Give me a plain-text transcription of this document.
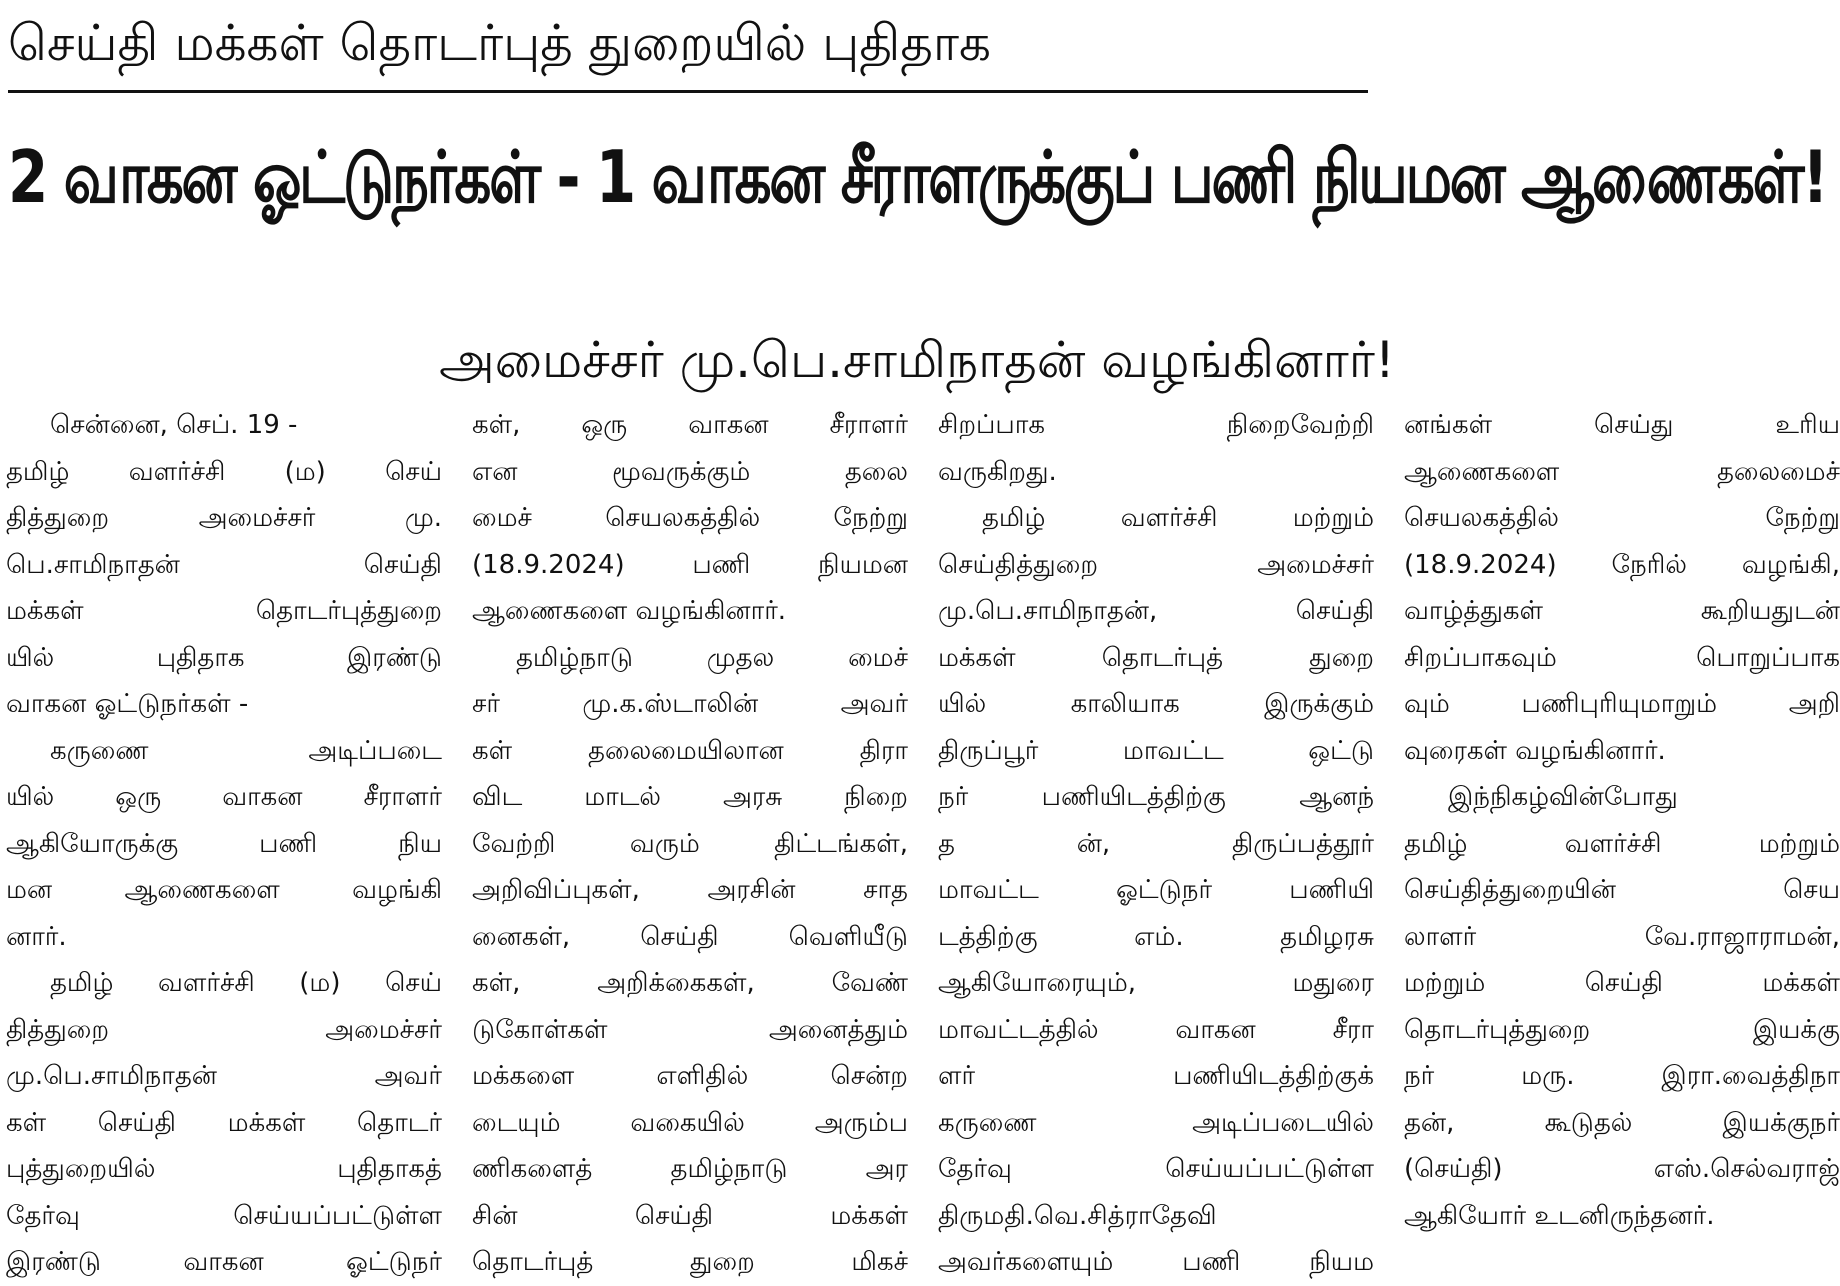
செய்தி மக்கள் தொடர்புத் துறையில் புதிதாக
2 வாகன ஓட்டுநர்கள் - 1 வாகன சீராளருக்குப் பணி நியமன ஆணைகள்!
அமைச்சர் மு.பெ.சாமிநாதன் வழங்கினார்!
சென்னை, செப். 19 -
தமிழ் வளர்ச்சி (ம) செய்
தித்துறை அமைச்சர் மு.
பெ.சாமிநாதன் செய்தி
மக்கள் தொடர்புத்துறை
யில் புதிதாக இரண்டு
வாகன ஓட்டுநர்கள் -
கருணை அடிப்படை
யில் ஒரு வாகன சீராளர்
ஆகியோருக்கு பணி நிய
மன ஆணைகளை வழங்கி
னார்.
தமிழ் வளர்ச்சி (ம) செய்
தித்துறை அமைச்சர்
மு.பெ.சாமிநாதன் அவர்
கள் செய்தி மக்கள் தொடர்
புத்துறையில் புதிதாகத்
தேர்வு செய்யப்பட்டுள்ள
இரண்டு வாகன ஓட்டுநர்
கள், ஒரு வாகன சீராளர்
என மூவருக்கும் தலை
மைச் செயலகத்தில் நேற்று
(18.9.2024) பணி நியமன
ஆணைகளை வழங்கினார்.
தமிழ்நாடு முதல மைச்
சர் மு.க.ஸ்டாலின் அவர்
கள் தலைமையிலான திரா
விட மாடல் அரசு நிறை
வேற்றி வரும் திட்டங்கள்,
அறிவிப்புகள், அரசின் சாத
னைகள், செய்தி வெளியீடு
கள், அறிக்கைகள், வேண்
டுகோள்கள் அனைத்தும்
மக்களை எளிதில் சென்ற
டையும் வகையில் அரும்ப
ணிகளைத் தமிழ்நாடு அர
சின் செய்தி மக்கள்
தொடர்புத் துறை மிகச்
சிறப்பாக நிறைவேற்றி
வருகிறது.
தமிழ் வளர்ச்சி மற்றும்
செய்தித்துறை அமைச்சர்
மு.பெ.சாமிநாதன், செய்தி
மக்கள் தொடர்புத் துறை
யில் காலியாக இருக்கும்
திருப்பூர் மாவட்ட ஒட்டு
நர் பணியிடத்திற்கு ஆனந்
த ன், திருப்பத்தூர்
மாவட்ட ஓட்டுநர் பணியி
டத்திற்கு எம். தமிழரசு
ஆகியோரையும், மதுரை
மாவட்டத்தில் வாகன சீரா
ளர் பணியிடத்திற்குக்
கருணை அடிப்படையில்
தேர்வு செய்யப்பட்டுள்ள
திருமதி.வெ.சித்ராதேவி
அவர்களையும் பணி நியம
னங்கள் செய்து உரிய
ஆணைகளை தலைமைச்
செயலகத்தில் நேற்று
(18.9.2024) நேரில் வழங்கி,
வாழ்த்துகள் கூறியதுடன்
சிறப்பாகவும் பொறுப்பாக
வும் பணிபுரியுமாறும் அறி
வுரைகள் வழங்கினார்.
இந்நிகழ்வின்போது
தமிழ் வளர்ச்சி மற்றும்
செய்தித்துறையின் செய
லாளர் வே.ராஜாராமன்,
மற்றும் செய்தி மக்கள்
தொடர்புத்துறை இயக்கு
நர் மரு. இரா.வைத்திநா
தன், கூடுதல் இயக்குநர்
(செய்தி) எஸ்.செல்வராஜ்
ஆகியோர் உடனிருந்தனர்.
